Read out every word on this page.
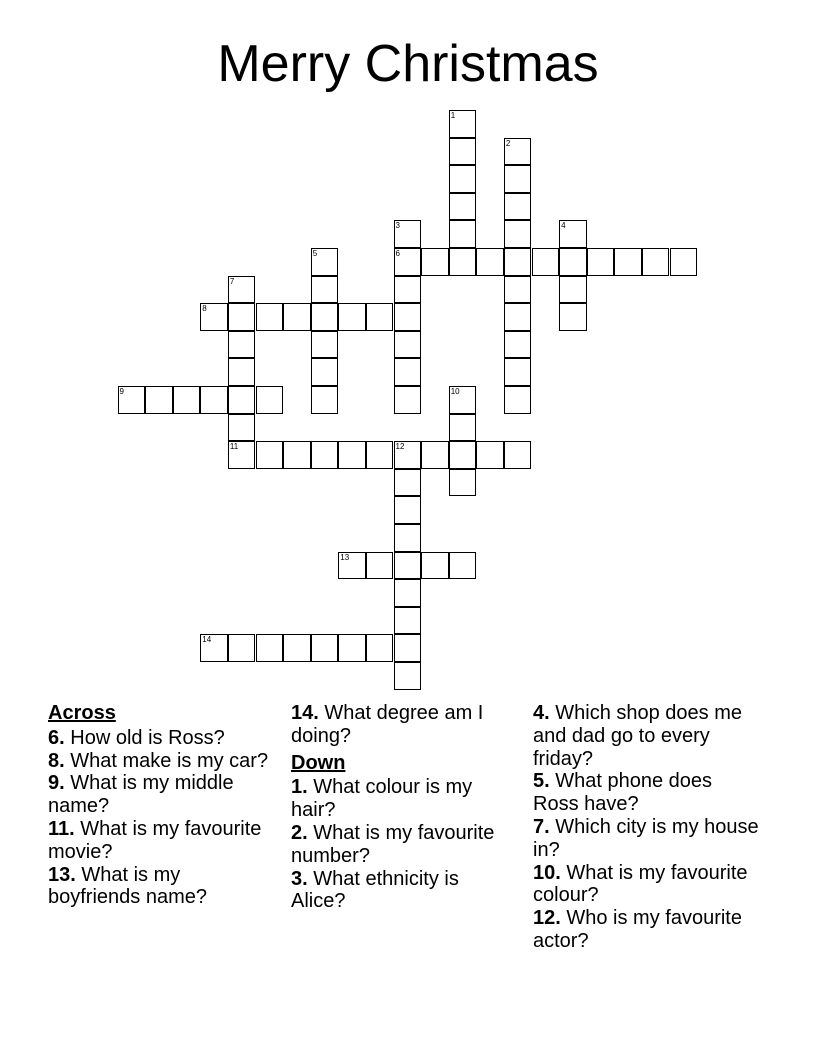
Merry Christmas
1
2
3
6
4
5
7
11
8
9	10
12
13
14
Across
6. How old is Ross?
8. What make is my car?
9. What is my middle name?
11. What is my favourite movie?
13. What is my boyfriends name?
14. What degree am I doing?
Down
1. What colour is my hair?
2. What is my favourite number?
3. What ethnicity is Alice?
4. Which shop does me and dad go to every friday?
5. What phone does Ross have?
7. Which city is my house in?
10. What is my favourite colour?
12. Who is my favourite actor?
